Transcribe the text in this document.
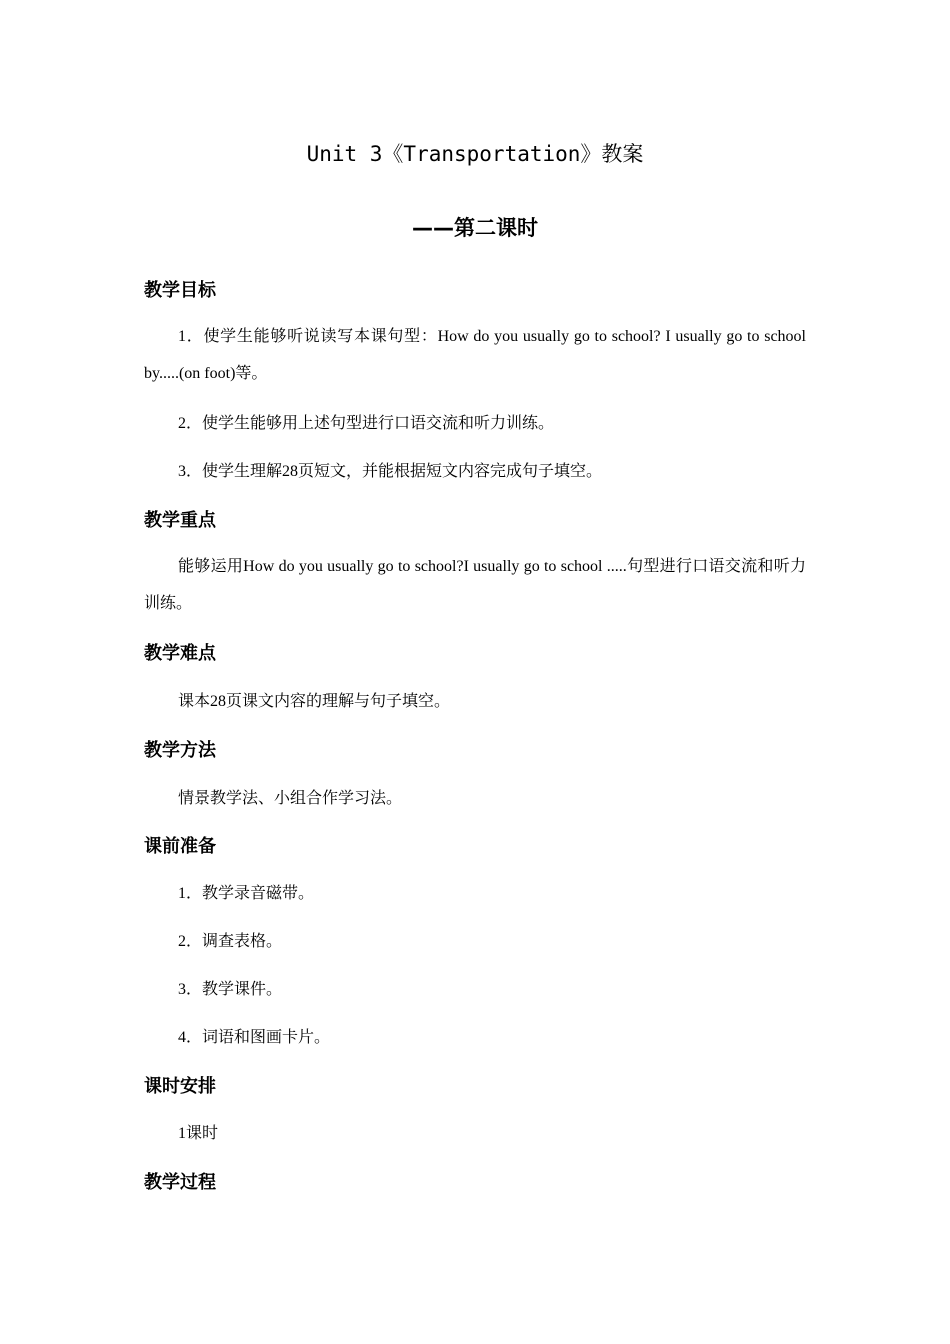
Unit 3《Transportation》教案
——第二课时
教学目标
1．使学生能够听说读写本课句型：How do you usually go to school? I usually go to school by.....(on foot)等。
2．使学生能够用上述句型进行口语交流和听力训练。
3．使学生理解28页短文，并能根据短文内容完成句子填空。
教学重点
能够运用How do you usually go to school?I usually go to school .....句型进行口语交流和听力训练。
教学难点
课本28页课文内容的理解与句子填空。
教学方法
情景教学法、小组合作学习法。
课前准备
1．教学录音磁带。
2．调查表格。
3．教学课件。
4．词语和图画卡片。
课时安排
1课时
教学过程
